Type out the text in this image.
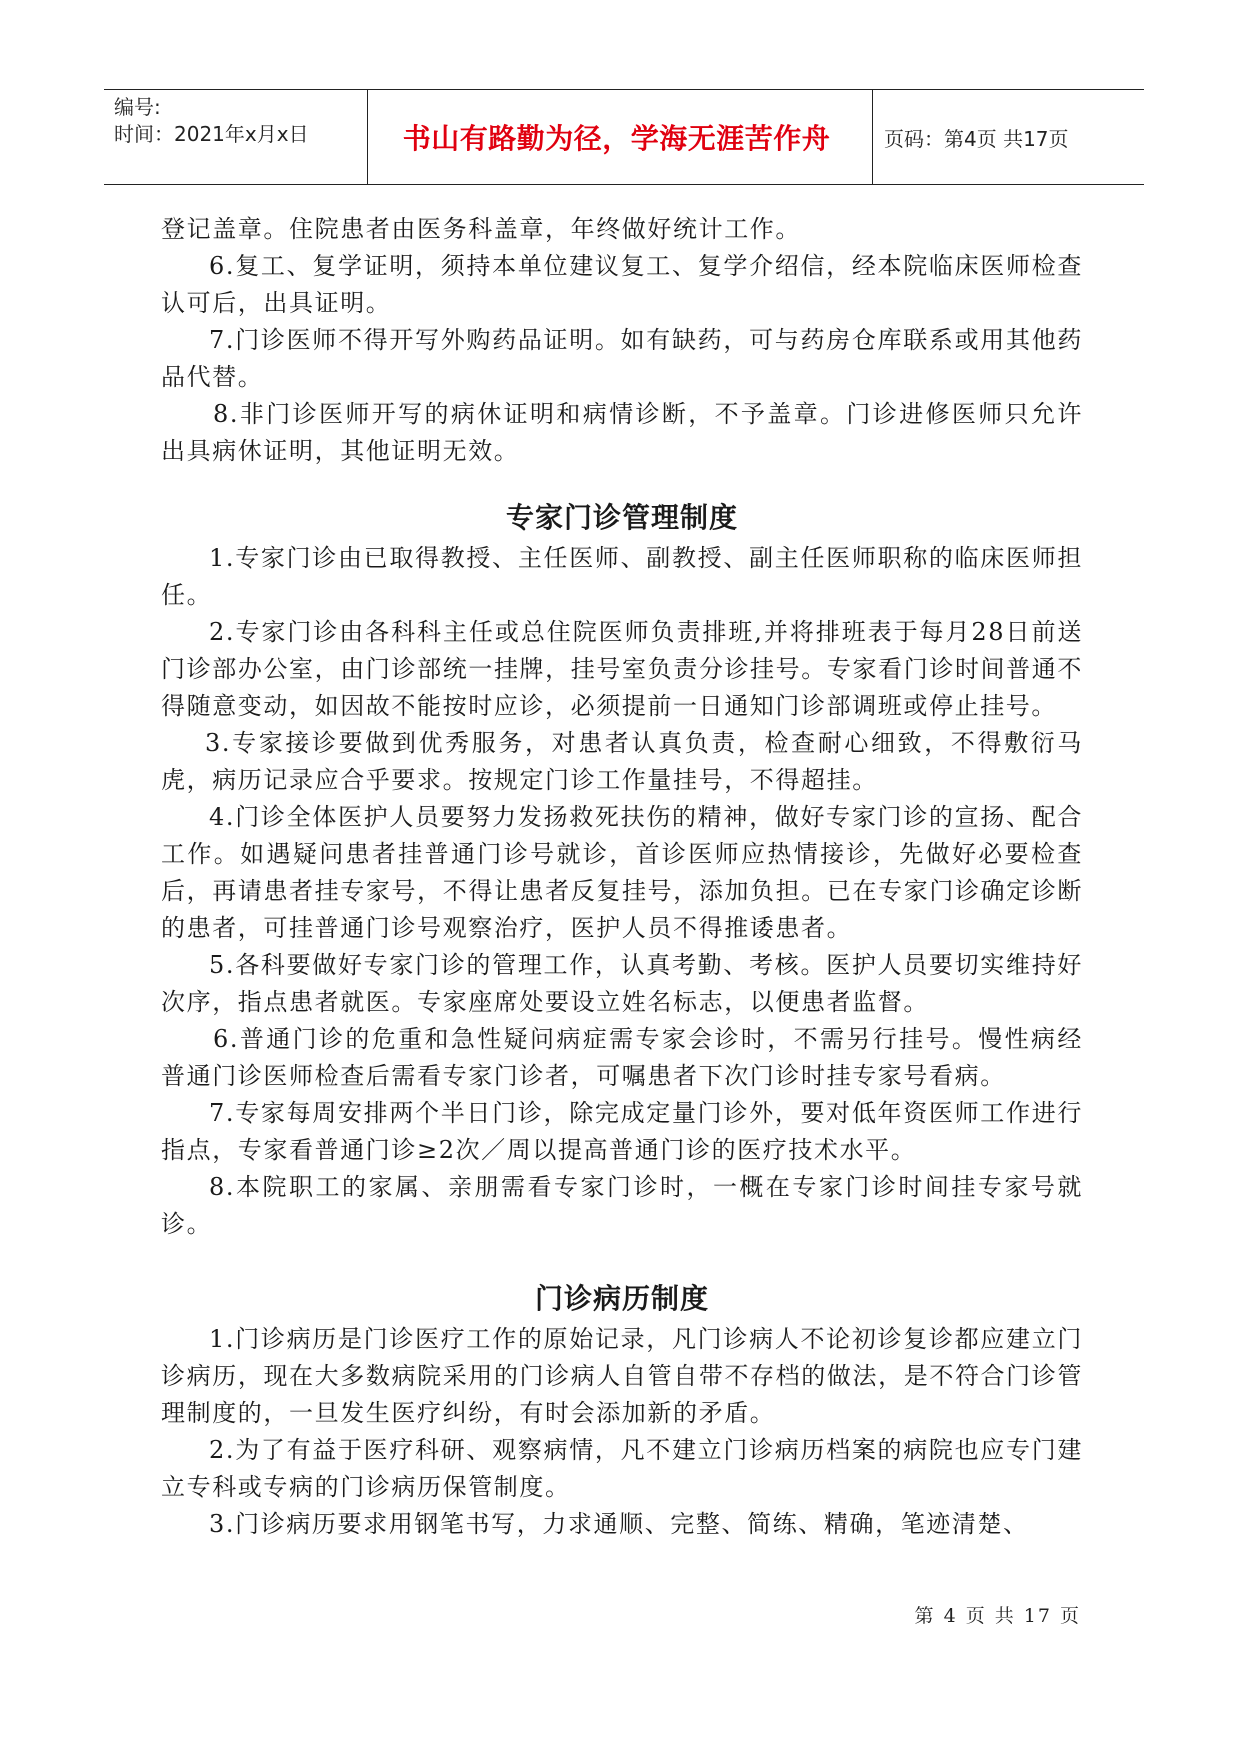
编号:
时间：2021年x月x日	书山有路勤为径，学海无涯苦作舟	页码：第4页 共17页

登记盖章。住院患者由医务科盖章，年终做好统计工作。

6.复工、复学证明，须持本单位建议复工、复学介绍信，经本院临床医师检查认可后，出具证明。

7.门诊医师不得开写外购药品证明。如有缺药，可与药房仓库联系或用其他药品代替。

8.非门诊医师开写的病休证明和病情诊断，不予盖章。门诊进修医师只允许出具病休证明，其他证明无效。

专家门诊管理制度

1.专家门诊由已取得教授、主任医师、副教授、副主任医师职称的临床医师担任。

2.专家门诊由各科科主任或总住院医师负责排班,并将排班表于每月28日前送门诊部办公室，由门诊部统一挂牌，挂号室负责分诊挂号。专家看门诊时间普通不得随意变动，如因故不能按时应诊，必须提前一日通知门诊部调班或停止挂号。

3.专家接诊要做到优秀服务，对患者认真负责，检查耐心细致，不得敷衍马虎，病历记录应合乎要求。按规定门诊工作量挂号，不得超挂。

4.门诊全体医护人员要努力发扬救死扶伤的精神，做好专家门诊的宣扬、配合工作。如遇疑问患者挂普通门诊号就诊，首诊医师应热情接诊，先做好必要检查后，再请患者挂专家号，不得让患者反复挂号，添加负担。已在专家门诊确定诊断的患者，可挂普通门诊号观察治疗，医护人员不得推诿患者。

5.各科要做好专家门诊的管理工作，认真考勤、考核。医护人员要切实维持好次序，指点患者就医。专家座席处要设立姓名标志，以便患者监督。

6.普通门诊的危重和急性疑问病症需专家会诊时，不需另行挂号。慢性病经普通门诊医师检查后需看专家门诊者，可嘱患者下次门诊时挂专家号看病。

7.专家每周安排两个半日门诊，除完成定量门诊外，要对低年资医师工作进行指点，专家看普通门诊≥2次／周以提高普通门诊的医疗技术水平。

8.本院职工的家属、亲朋需看专家门诊时，一概在专家门诊时间挂专家号就诊。

门诊病历制度

1.门诊病历是门诊医疗工作的原始记录，凡门诊病人不论初诊复诊都应建立门诊病历，现在大多数病院采用的门诊病人自管自带不存档的做法，是不符合门诊管理制度的，一旦发生医疗纠纷，有时会添加新的矛盾。

2.为了有益于医疗科研、观察病情，凡不建立门诊病历档案的病院也应专门建立专科或专病的门诊病历保管制度。

3.门诊病历要求用钢笔书写，力求通顺、完整、简练、精确，笔迹清楚、

第 4 页 共 17 页
